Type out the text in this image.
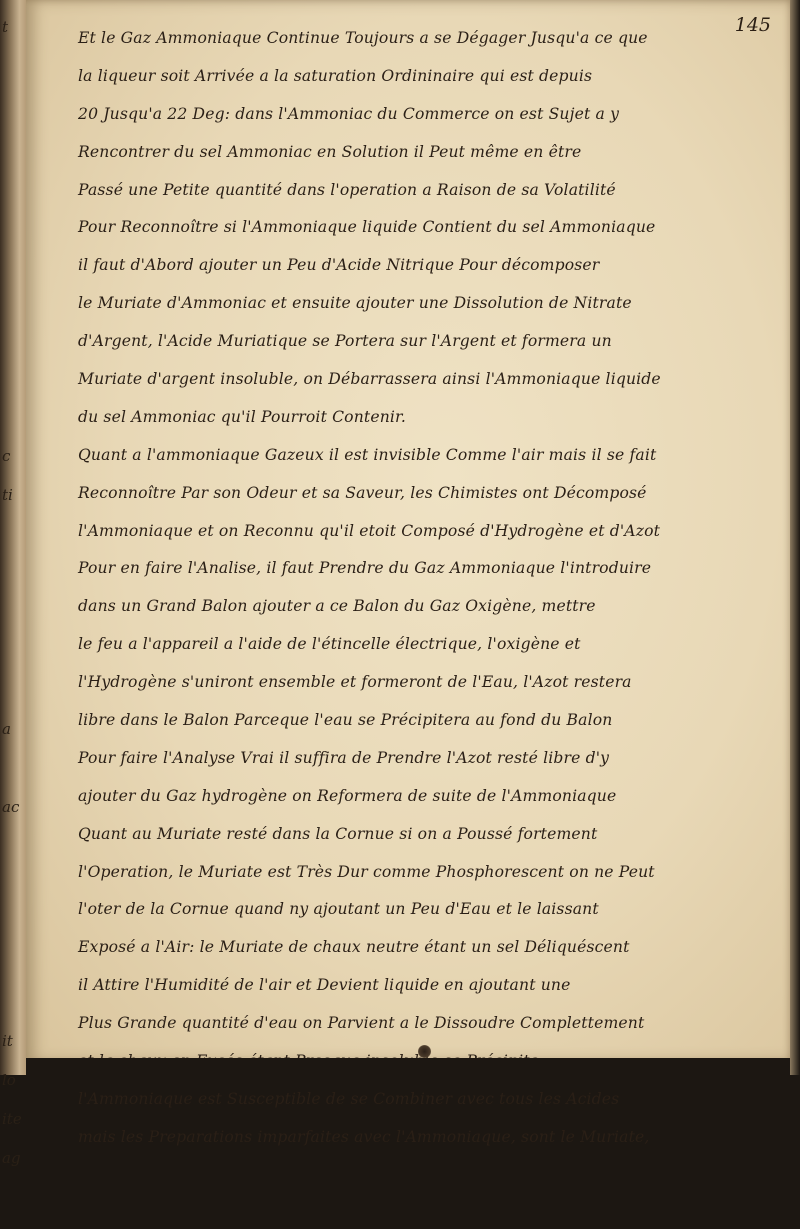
t
c
ti
a
ac
it
lo
ite
ag
145
Et le Gaz Ammoniaque Continue Toujours a se Dégager Jusqu'a ce que
la liqueur soit Arrivée a la saturation Ordininaire qui est depuis
20 Jusqu'a 22 Deg: dans l'Ammoniac du Commerce on est Sujet a y
Rencontrer du sel Ammoniac en Solution il Peut même en être
Passé une Petite quantité dans l'operation a Raison de sa Volatilité
Pour Reconnoître si l'Ammoniaque liquide Contient du sel Ammoniaque
il faut d'Abord ajouter un Peu d'Acide Nitrique Pour décomposer
le Muriate d'Ammoniac et ensuite ajouter une Dissolution de Nitrate
d'Argent, l'Acide Muriatique se Portera sur l'Argent et formera un
Muriate d'argent insoluble, on Débarrassera ainsi l'Ammoniaque liquide
du sel Ammoniac qu'il Pourroit Contenir.
Quant a l'ammoniaque Gazeux il est invisible Comme l'air mais il se fait
Reconnoître Par son Odeur et sa Saveur, les Chimistes ont Décomposé
l'Ammoniaque et on Reconnu qu'il etoit Composé d'Hydrogène et d'Azot
Pour en faire l'Analise, il faut Prendre du Gaz Ammoniaque l'introduire
dans un Grand Balon ajouter a ce Balon du Gaz Oxigène, mettre
le feu a l'appareil a l'aide de l'étincelle électrique, l'oxigène et
l'Hydrogène s'uniront ensemble et formeront de l'Eau, l'Azot restera
libre dans le Balon Parceque l'eau se Précipitera au fond du Balon
Pour faire l'Analyse Vrai il suffira de Prendre l'Azot resté libre d'y
ajouter du Gaz hydrogène on Reformera de suite de l'Ammoniaque
Quant au Muriate resté dans la Cornue si on a Poussé fortement
l'Operation, le Muriate est Très Dur comme Phosphorescent on ne Peut
l'oter de la Cornue quand ny ajoutant un Peu d'Eau et le laissant
Exposé a l'Air: le Muriate de chaux neutre étant un sel Déliquéscent
il Attire l'Humidité de l'air et Devient liquide en ajoutant une
Plus Grande quantité d'eau on Parvient a le Dissoudre Complettement
l'Ammoniaque est Susceptible de se Combiner avec tous les Acides
mais les Preparations imparfaites avec l'Ammoniaque, sont le Muriate,
